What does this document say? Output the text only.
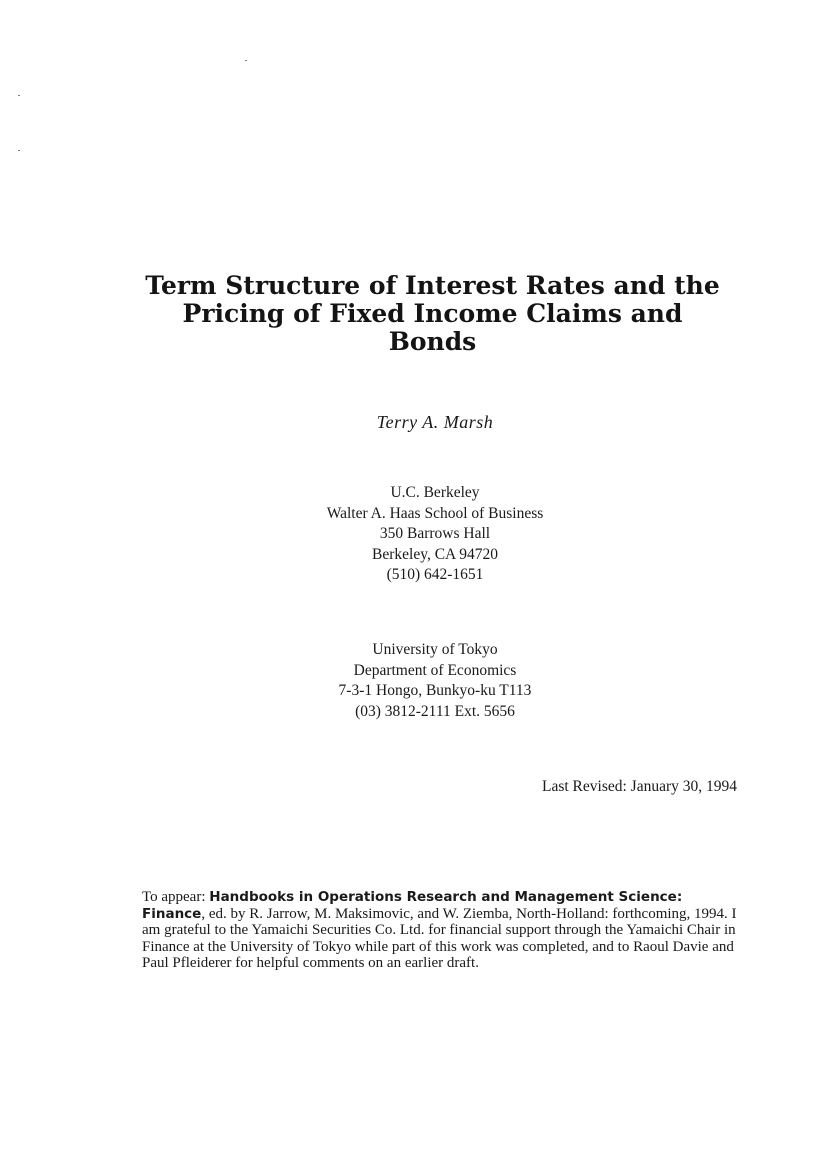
Term Structure of Interest Rates and the
Pricing of Fixed Income Claims and
Bonds
Terry A. Marsh
U.C. Berkeley
Walter A. Haas School of Business
350 Barrows Hall
Berkeley, CA 94720
(510) 642-1651
University of Tokyo
Department of Economics
7-3-1 Hongo, Bunkyo-ku T113
(03) 3812-2111 Ext. 5656
Last Revised: January 30, 1994
To appear: Handbooks in Operations Research and Management Science: Finance, ed. by R. Jarrow, M. Maksimovic, and W. Ziemba, North-Holland: forthcoming, 1994. I am grateful to the Yamaichi Securities Co. Ltd. for financial support through the Yamaichi Chair in Finance at the University of Tokyo while part of this work was completed, and to Raoul Davie and Paul Pfleiderer for helpful comments on an earlier draft.
